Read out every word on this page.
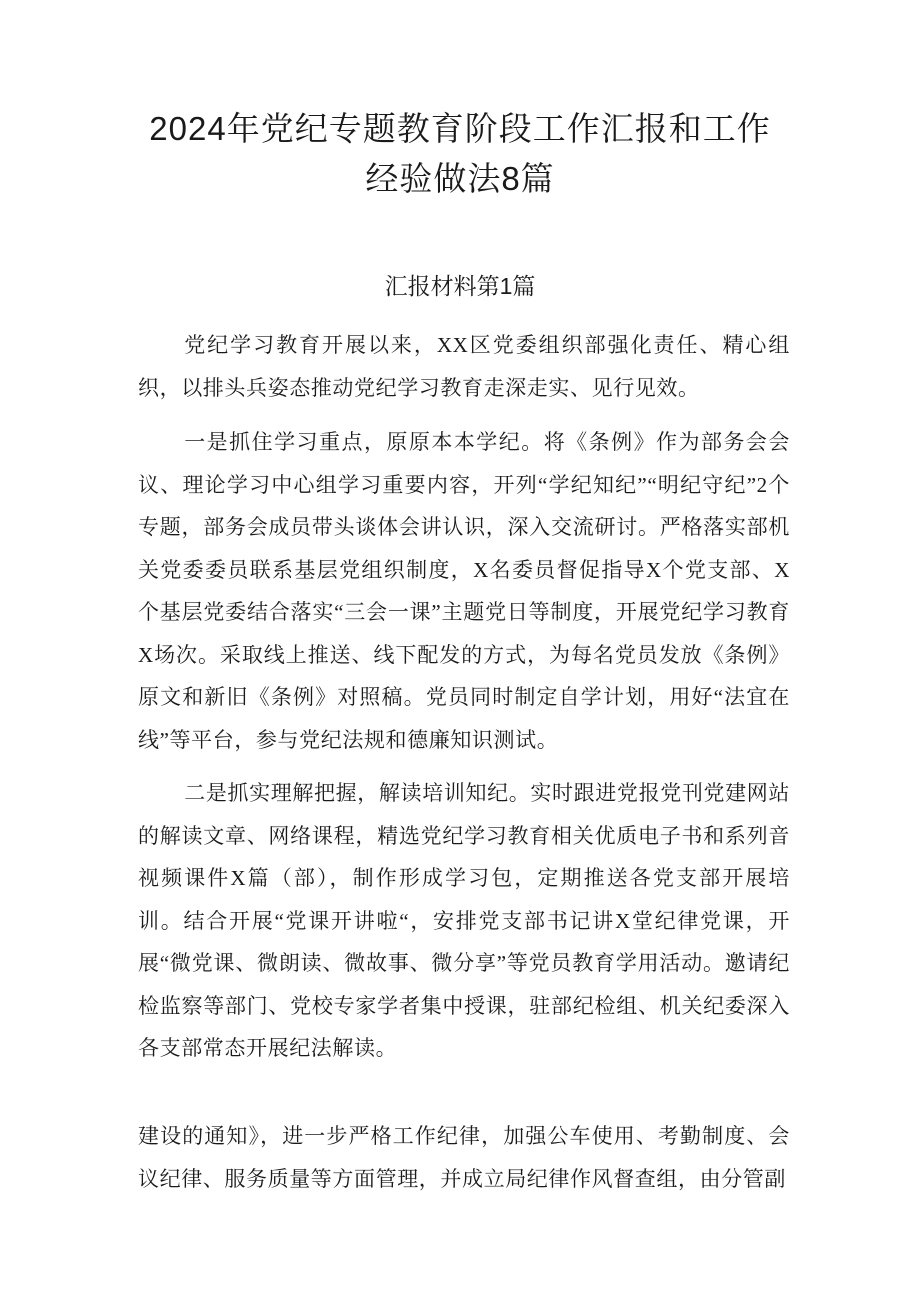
2024年党纪专题教育阶段工作汇报和工作
经验做法8篇
汇报材料第1篇

党纪学习教育开展以来，XX区党委组织部强化责任、精心组织，以排头兵姿态推动党纪学习教育走深走实、见行见效。

一是抓住学习重点，原原本本学纪。将《条例》作为部务会会议、理论学习中心组学习重要内容，开列“学纪知纪”“明纪守纪”2个专题，部务会成员带头谈体会讲认识，深入交流研讨。严格落实部机关党委委员联系基层党组织制度，X名委员督促指导X个党支部、X个基层党委结合落实“三会一课”主题党日等制度，开展党纪学习教育X场次。采取线上推送、线下配发的方式，为每名党员发放《条例》原文和新旧《条例》对照稿。党员同时制定自学计划，用好“法宜在线”等平台，参与党纪法规和德廉知识测试。

二是抓实理解把握，解读培训知纪。实时跟进党报党刊党建网站的解读文章、网络课程，精选党纪学习教育相关优质电子书和系列音视频课件X篇（部），制作形成学习包，定期推送各党支部开展培训。结合开展“党课开讲啦“，安排党支部书记讲X堂纪律党课，开展“微党课、微朗读、微故事、微分享”等党员教育学用活动。邀请纪检监察等部门、党校专家学者集中授课，驻部纪检组、机关纪委深入各支部常态开展纪法解读。

建设的通知》，进一步严格工作纪律，加强公车使用、考勤制度、会议纪律、服务质量等方面管理，并成立局纪律作风督查组，由分管副
